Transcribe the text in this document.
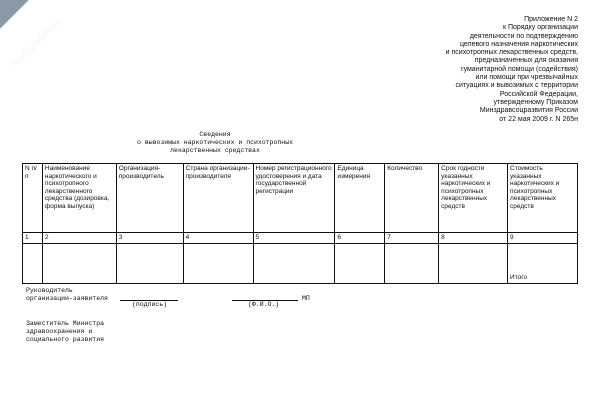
NoNumber.ru	Приложение N 2
к Порядку организации
деятельности по подтверждению
целевого назначения наркотических
и психотропных лекарственных средств,
предназначенных для оказания
гуманитарной помощи (содействия)
или помощи при чрезвычайных
ситуациях и вывозимых с территории
Российской Федерации,
утвержденному Приказом
Минздравсоцразвития России
от 22 мая 2009 г. N 265н
Сведения
о вывозимых наркотических и психотропных
лекарственных средствах
N п/п	Наименование наркотического и психотропного лекарственного средства (дозировка, форма выпуска)	Организация-производитель	Страна организации-производителя	Номер регистрационного удостоверения и дата государственной регистрации	Единица измерения	Количество	Срок годности указанных наркотических и психотропных лекарственных средств	Стоимость указанных наркотических и психотропных лекарственных средств
1	2	3	4	5	6	7	8	9
								Итого
Руководитель
организации-заявителя
(подпись)	(Ф.И.О.)
МП
Заместитель Министра
здравоохранения и
социального развития
